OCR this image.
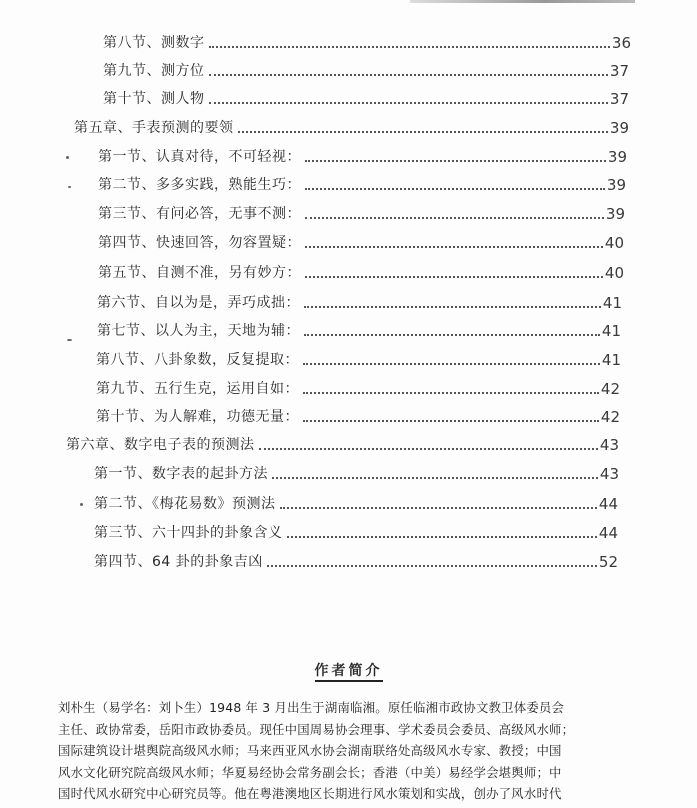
第八节、测数字	36
第九节、测方位	37
第十节、测人物	37
第五章、手表预测的要领	39
第一节、认真对待，不可轻视：	39
第二节、多多实践，熟能生巧：	39
第三节、有问必答，无事不测：	39
第四节、快速回答，勿容置疑：	40
第五节、自测不准，另有妙方：	40
第六节、自以为是，弄巧成拙：	41
第七节、以人为主，天地为辅：	41
第八节、八卦象数，反复提取：	41
第九节、五行生克，运用自如：	42
第十节、为人解难，功德无量：	42
第六章、数字电子表的预测法	43
第一节、数字表的起卦方法	43
第二节、《梅花易数》预测法	44
第三节、六十四卦的卦象含义	44
第四节、64 卦的卦象吉凶	52
作者简介
刘朴生（易学名：刘卜生）1948 年 3 月出生于湖南临湘。原任临湘市政协文教卫体委员会
主任、政协常委，岳阳市政协委员。现任中国周易协会理事、学术委员会委员、高级风水师；
国际建筑设计堪舆院高级风水师；马来西亚风水协会湖南联络处高级风水专家、教授；中国
风水文化研究院高级风水师；华夏易经协会常务副会长；香港（中美）易经学会堪舆师；中
国时代风水研究中心研究员等。他在粤港澳地区长期进行风水策划和实战，创办了风水时代
